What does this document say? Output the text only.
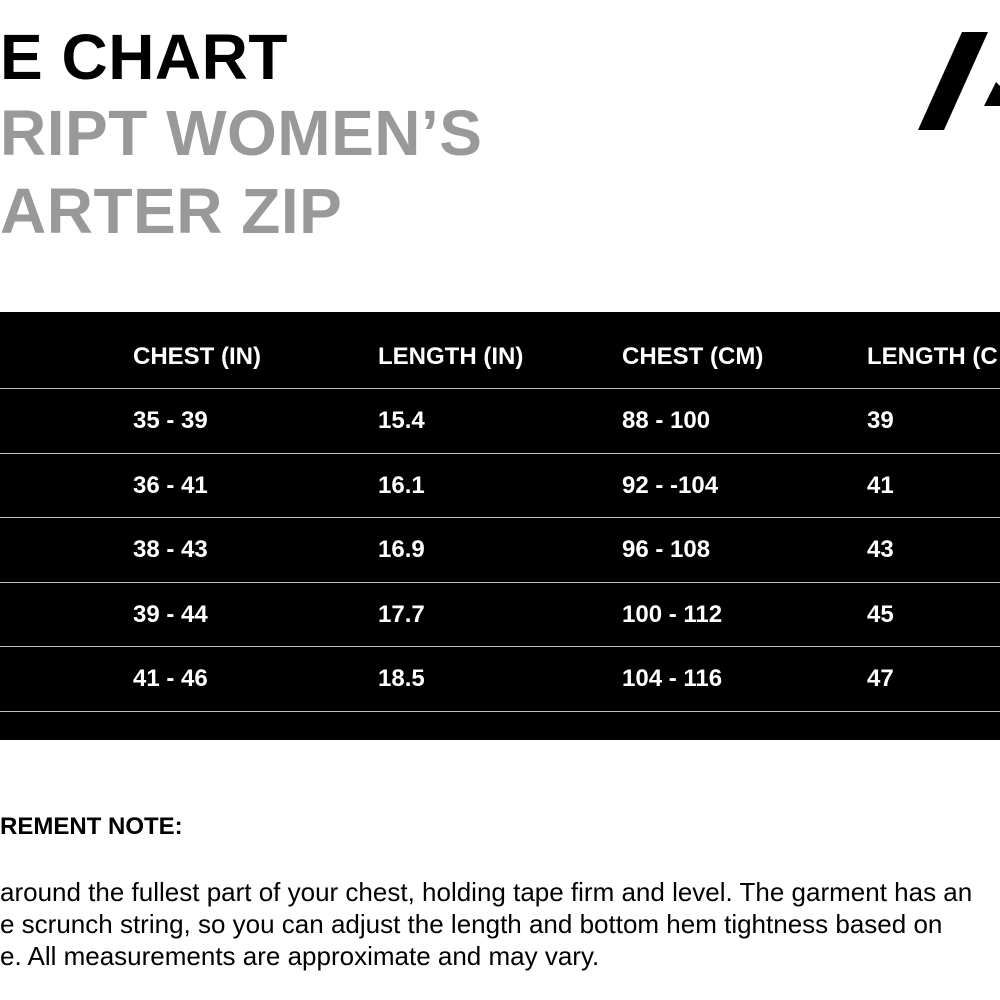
E CHART
RIPT WOMEN’S
ARTER ZIP
CHEST (IN)	LENGTH (IN)	CHEST (CM)	LENGTH (C
35 - 39	15.4	88 - 100	39
36 - 41	16.1	92 - -104	41
38 - 43	16.9	96 - 108	43
39 - 44	17.7	100 - 112	45
41 - 46	18.5	104 - 116	47
REMENT NOTE:

around the fullest part of your chest, holding tape firm and level. The garment has an

e scrunch string, so you can adjust the length and bottom hem tightness based on

e. All measurements are approximate and may vary.
